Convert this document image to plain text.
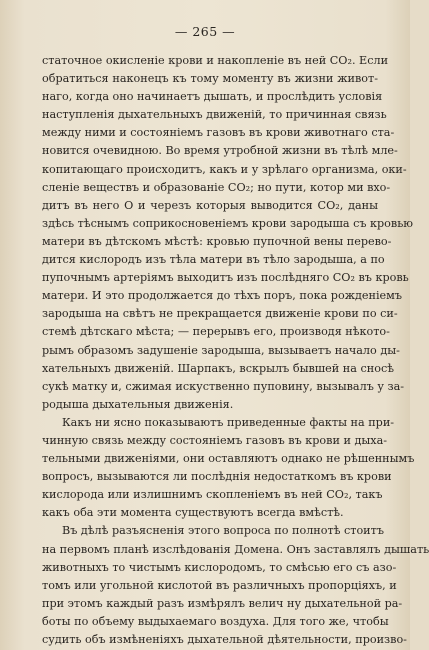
— 265 —
статочное окисленіе крови и накопленіе въ ней CO₂. Если
обратиться наконецъ къ тому моменту въ жизни живот-
наго, когда оно начинаетъ дышать, и прослѣдить условія
наступленія дыхательныхъ движеній, то причинная связь
между ними и состояніемъ газовъ въ крови животнаго ста-
новится очевидною. Во время утробной жизни въ тѣлѣ мле-
копитающаго происходитъ, какъ и у зрѣлаго организма, оки-
сленіе веществъ и образованіе CO₂; но пути, котор ми вхо-
дитъ въ него O и черезъ которыя выводится CO₂, даны
здѣсь тѣснымъ соприкосновеніемъ крови зародыша съ кровью
матери въ дѣтскомъ мѣстѣ: кровью пупочной вены перево-
дится кислородъ изъ тѣла матери въ тѣло зародыша, а по
пупочнымъ артеріямъ выходитъ изъ послѣдняго CO₂ въ кровь
матери. И это продолжается до тѣхъ поръ, пока рожденіемъ
зародыша на свѣтъ не прекращается движеніе крови по си-
стемѣ дѣтскаго мѣста; — перерывъ его, производя нѣкото-
рымъ образомъ задушеніе зародыша, вызываетъ начало ды-
хательныхъ движеній. Шарпакъ, вскрылъ бывшей на сносѣ
сукѣ матку и, сжимая искуственно пуповину, вызывалъ у за-
родыша дыхательныя движенія.
Какъ ни ясно показываютъ приведенные факты на при-
чинную связь между состояніемъ газовъ въ крови и дыха-
тельными движеніями, они оставляютъ однако не рѣшеннымъ
вопросъ, вызываются ли послѣднія недостаткомъ въ крови
кислорода или излишнимъ скопленіемъ въ ней CO₂, такъ
какъ оба эти момента существуютъ всегда вмѣстѣ.
Въ дѣлѣ разъясненія этого вопроса по полнотѣ стоитъ
на первомъ планѣ изслѣдованія Домена. Онъ заставлялъ дышать
животныхъ то чистымъ кислородомъ, то смѣсью его съ азо-
томъ или угольной кислотой въ различныхъ пропорціяхъ, и
при этомъ каждый разъ измѣрялъ велич ну дыхательной ра-
боты по объему выдыхаемаго воздуха. Для того же, чтобы
судить объ измѣненіяхъ дыхательной дѣятельности, произво-
